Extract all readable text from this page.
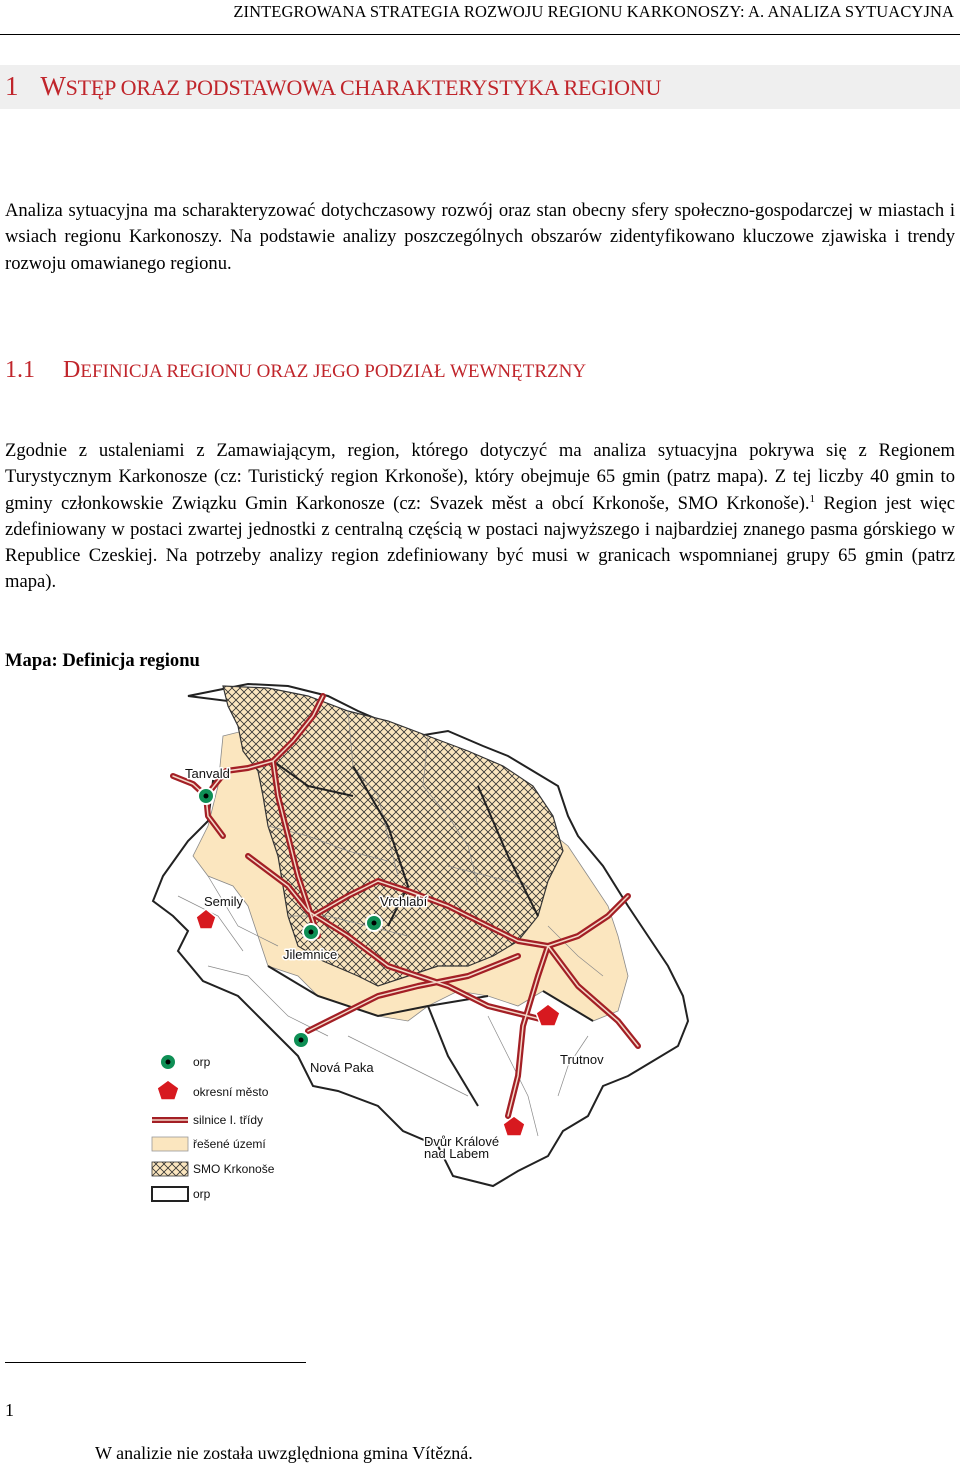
ZINTEGROWANA STRATEGIA ROZWOJU REGIONU KARKONOSZY: A. ANALIZA SYTUACYJNA
1 WSTĘP ORAZ PODSTAWOWA CHARAKTERYSTYKA REGIONU
Analiza sytuacyjna ma scharakteryzować dotychczasowy rozwój oraz stan obecny sfery społeczno-gospodarczej w miastach i wsiach regionu Karkonoszy. Na podstawie analizy poszczególnych obszarów zidentyfikowano kluczowe zjawiska i trendy rozwoju omawianego regionu.
1.1 DEFINICJA REGIONU ORAZ JEGO PODZIAŁ WEWNĘTRZNY
Zgodnie z ustaleniami z Zamawiającym, region, którego dotyczyć ma analiza sytuacyjna pokrywa się z Regionem Turystycznym Karkonosze (cz: Turistický region Krkonoše), który obejmuje 65 gmin (patrz mapa). Z tej liczby 40 gmin to gminy członkowskie Związku Gmin Karkonosze (cz: Svazek měst a obcí Krkonoše, SMO Krkonoše).$^1$ Region jest więc zdefiniowany w postaci zwartej jednostki z centralną częścią w postaci najwyższego i najbardziej znanego pasma górskiego w Republice Czeskiej. Na potrzeby analizy region zdefiniowany być musi w granicach wspomnianej grupy 65 gmin (patrz mapa).
Mapa: Definicja regionu
Tanvald
Semily	Vrchlabí
Jilemnice
Trutnov
Nová Paka
Dvůr Králové
nad Labem
orp
okresní město
silnice I. třídy
řešené území
SMO Krkonoše
orp
1
W analizie nie została uwzględniona gmina Vítězná.
